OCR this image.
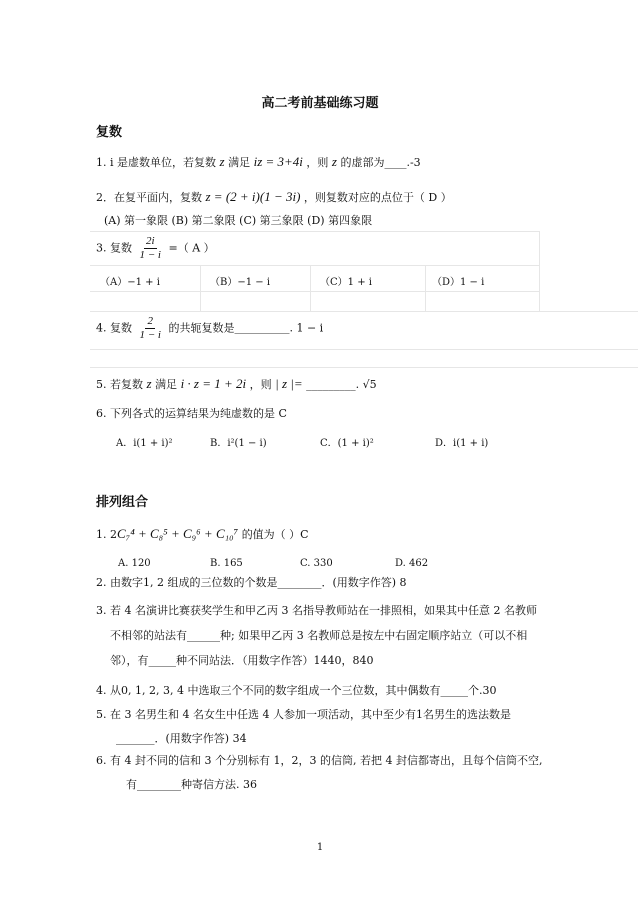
高二考前基础练习题
复数
1. i 是虚数单位，若复数 z 满足 iz = 3+4i ，则 z 的虚部为____.-3
2．在复平面内，复数 z = (2 + i)(1 − 3i) ，则复数对应的点位于（ D ）
(A) 第一象限 (B) 第二象限 (C) 第三象限 (D) 第四象限
3. 复数 $\frac{2i}{1 - i}$ =（ A ）
（A）−1 + i	（B）−1 − i	（C）1 + i	（D）1 − i
4. 复数 $\frac{2}{1 - i}$ 的共轭复数是__________. 1 − i
5. 若复数 z 满足 i · z = 1 + 2i ，则 | z |= _________. √5
6. 下列各式的运算结果为纯虚数的是 C
A．i(1 + i)²	B．i²(1 − i)	C．(1 + i)²	D．i(1 + i)
排列组合
1. 2C₇⁴ + C₈⁵ + C₉⁶ + C₁₀⁷ 的值为（ ）C
A. 120	B. 165	C. 330	D. 462
2. 由数字1, 2 组成的三位数的个数是________．(用数字作答) 8
3. 若 4 名演讲比赛获奖学生和甲乙丙 3 名指导教师站在一排照相，如果其中任意 2 名教师
不相邻的站法有______种; 如果甲乙丙 3 名教师总是按左中右固定顺序站立（可以不相
邻），有_____种不同站法．（用数字作答）1440，840
4. 从0, 1, 2, 3, 4 中选取三个不同的数字组成一个三位数，其中偶数有_____个.30
5. 在 3 名男生和 4 名女生中任选 4 人参加一项活动，其中至少有1名男生的选法数是
_______．(用数字作答) 34
6. 有 4 封不同的信和 3 个分别标有 1，2，3 的信筒, 若把 4 封信都寄出，且每个信筒不空,
有________种寄信方法. 36
1
